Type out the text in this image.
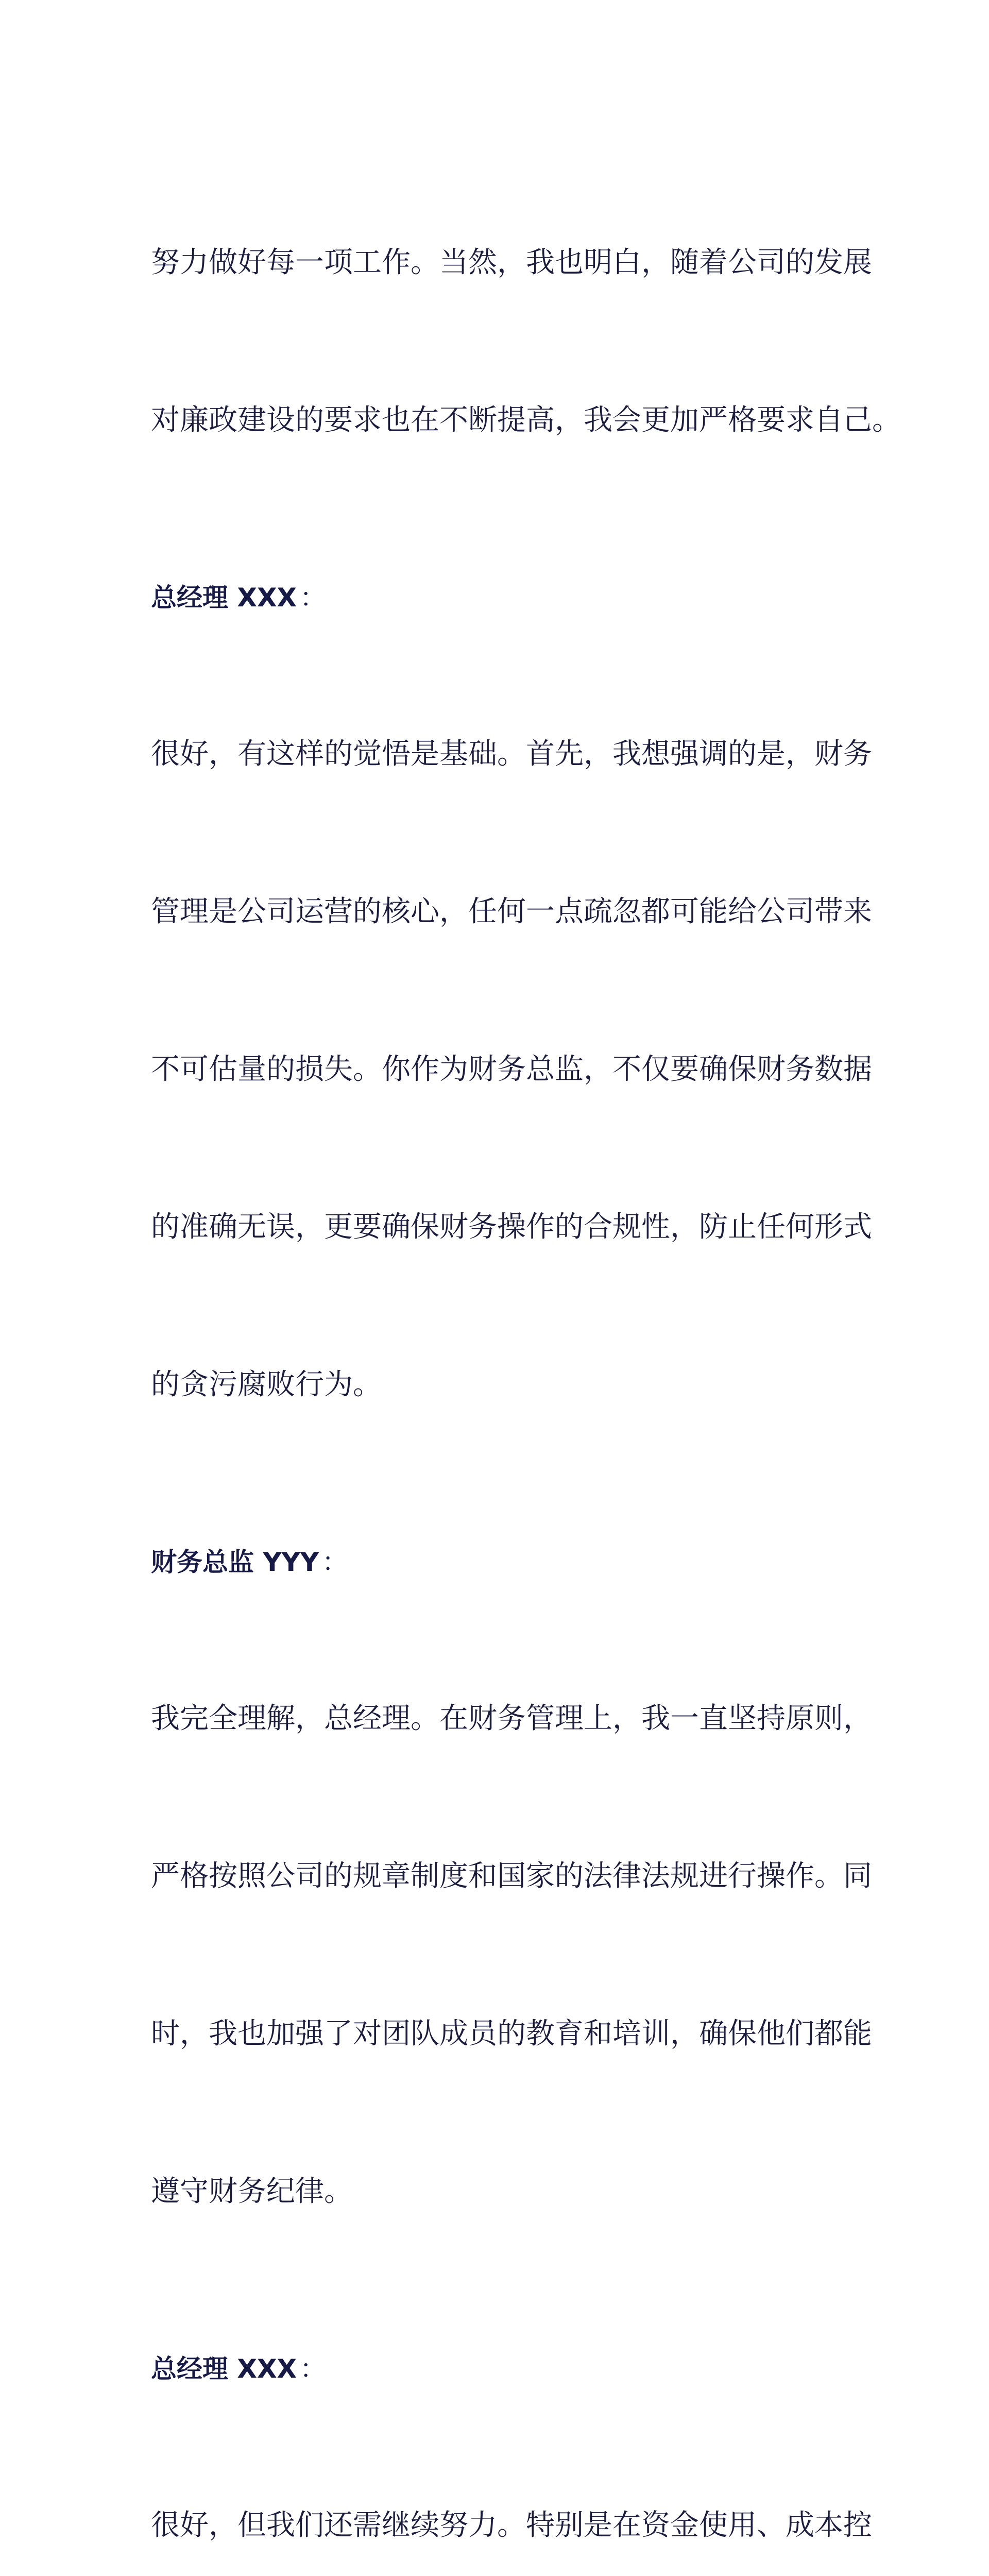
努力做好每一项工作。当然，我也明白，随着公司的发展

对廉政建设的要求也在不断提高，我会更加严格要求自己。

总经理 XXX ：

很好，有这样的觉悟是基础。首先，我想强调的是，财务

管理是公司运营的核心，任何一点疏忽都可能给公司带来

不可估量的损失。你作为财务总监，不仅要确保财务数据

的准确无误，更要确保财务操作的合规性，防止任何形式

的贪污腐败行为。

财务总监 YYY ：

我完全理解，总经理。在财务管理上，我一直坚持原则，

严格按照公司的规章制度和国家的法律法规进行操作。同

时，我也加强了对团队成员的教育和培训，确保他们都能

遵守财务纪律。

总经理 XXX ：

很好，但我们还需继续努力。特别是在资金使用、成本控
